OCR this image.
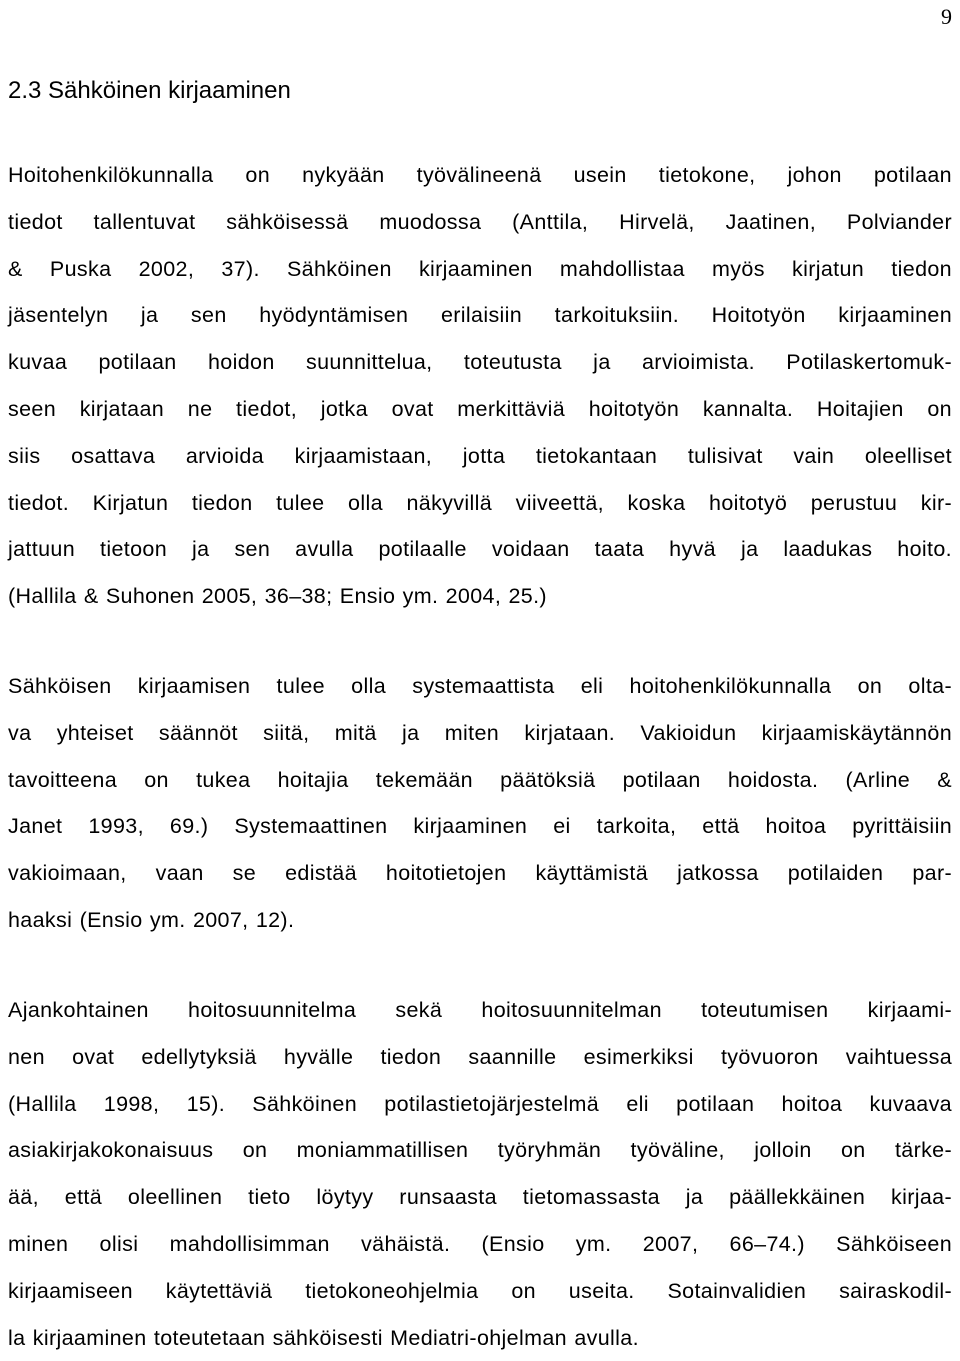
9
2.3 Sähköinen kirjaaminen

Hoitohenkilökunnalla on nykyään työvälineenä usein tietokone, johon potilaan
tiedot tallentuvat sähköisessä muodossa (Anttila, Hirvelä, Jaatinen, Polviander
& Puska 2002, 37). Sähköinen kirjaaminen mahdollistaa myös kirjatun tiedon
jäsentelyn ja sen hyödyntämisen erilaisiin tarkoituksiin. Hoitotyön kirjaaminen
kuvaa potilaan hoidon suunnittelua, toteutusta ja arvioimista. Potilaskertomuk-
seen kirjataan ne tiedot, jotka ovat merkittäviä hoitotyön kannalta. Hoitajien on
siis osattava arvioida kirjaamistaan, jotta tietokantaan tulisivat vain oleelliset
tiedot. Kirjatun tiedon tulee olla näkyvillä viiveettä, koska hoitotyö perustuu kir-
jattuun tietoon ja sen avulla potilaalle voidaan taata hyvä ja laadukas hoito.
(Hallila & Suhonen 2005, 36–38; Ensio ym. 2004, 25.)

Sähköisen kirjaamisen tulee olla systemaattista eli hoitohenkilökunnalla on olta-
va yhteiset säännöt siitä, mitä ja miten kirjataan. Vakioidun kirjaamiskäytännön
tavoitteena on tukea hoitajia tekemään päätöksiä potilaan hoidosta. (Arline &
Janet 1993, 69.) Systemaattinen kirjaaminen ei tarkoita, että hoitoa pyrittäisiin
vakioimaan, vaan se edistää hoitotietojen käyttämistä jatkossa potilaiden par-
haaksi (Ensio ym. 2007, 12).

Ajankohtainen hoitosuunnitelma sekä hoitosuunnitelman toteutumisen kirjaami-
nen ovat edellytyksiä hyvälle tiedon saannille esimerkiksi työvuoron vaihtuessa
(Hallila 1998, 15). Sähköinen potilastietojärjestelmä eli potilaan hoitoa kuvaava
asiakirjakokonaisuus on moniammatillisen työryhmän työväline, jolloin on tärke-
ää, että oleellinen tieto löytyy runsaasta tietomassasta ja päällekkäinen kirjaa-
minen olisi mahdollisimman vähäistä. (Ensio ym. 2007, 66–74.) Sähköiseen
kirjaamiseen käytettäviä tietokoneohjelmia on useita. Sotainvalidien sairaskodil-
la kirjaaminen toteutetaan sähköisesti Mediatri-ohjelman avulla.
